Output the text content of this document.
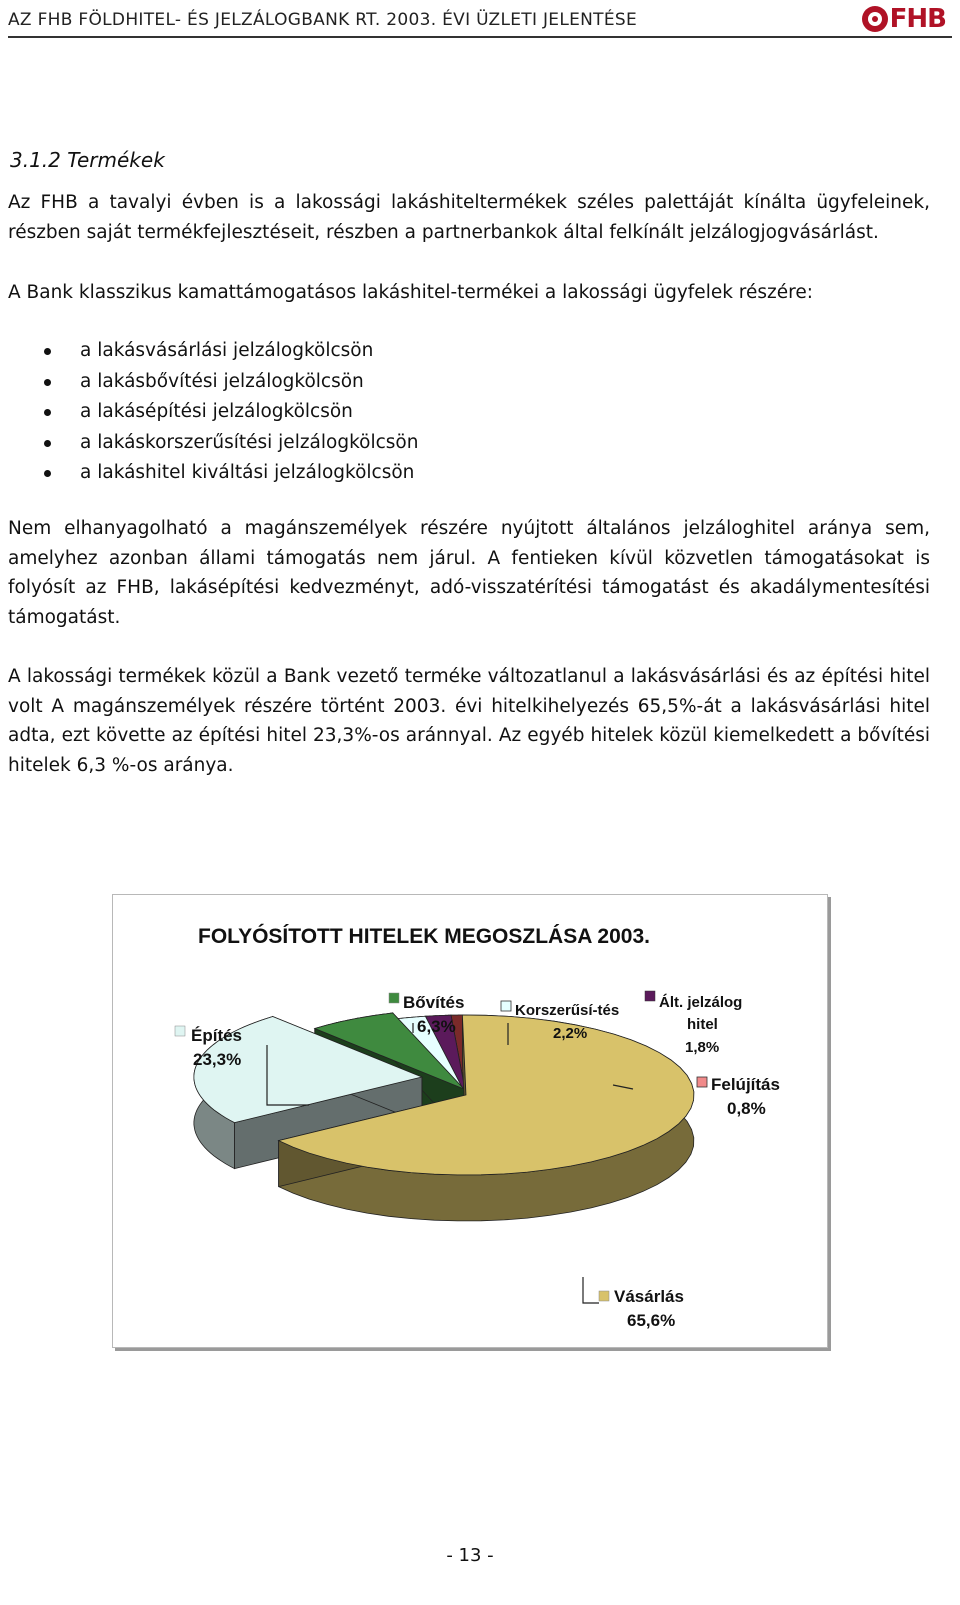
AZ FHB FÖLDHITEL- ÉS JELZÁLOGBANK RT. 2003. ÉVI ÜZLETI JELENTÉSE	FHB
3.1.2 Termékek
Az FHB a tavalyi évben is a lakossági lakáshiteltermékek széles palettáját kínálta ügyfeleinek, részben saját termékfejlesztéseit, részben a partnerbankok által felkínált jelzálogjogvásárlást.
A Bank klasszikus kamattámogatásos lakáshitel-termékei a lakossági ügyfelek részére:
a lakásvásárlási jelzálogkölcsön
a lakásbővítési jelzálogkölcsön
a lakásépítési jelzálogkölcsön
a lakáskorszerűsítési jelzálogkölcsön
a lakáshitel kiváltási jelzálogkölcsön
Nem elhanyagolható a magánszemélyek részére nyújtott általános jelzáloghitel aránya sem, amelyhez azonban állami támogatás nem járul. A fentieken kívül közvetlen támogatásokat is folyósít az FHB, lakásépítési kedvezményt, adó-visszatérítési támogatást és akadálymentesítési támogatást.
A lakossági termékek közül a Bank vezető terméke változatlanul a lakásvásárlási és az építési hitel volt A magánszemélyek részére történt 2003. évi hitelkihelyezés 65,5%-át a lakásvásárlási hitel adta, ezt követte az építési hitel 23,3%-os aránnyal. Az egyéb hitelek közül kiemelkedett a bővítési hitelek 6,3 %-os aránya.
FOLYÓSÍTOTT HITELEK MEGOSZLÁSA 2003.
Építés
23,3%
Bővítés
6,3%
Korszerűsí-tés
2,2%
Ált. jelzálog
hitel
1,8%
Felújítás
0,8%
Vásárlás
65,6%
- 13 -
